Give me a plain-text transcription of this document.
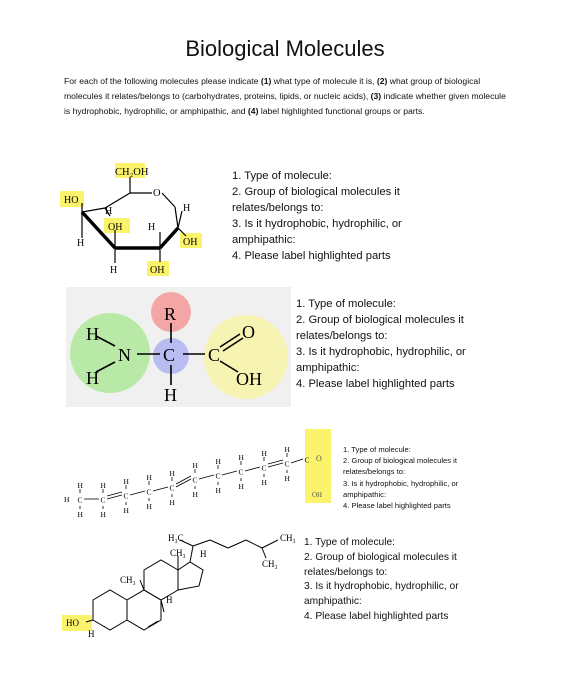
Biological Molecules
For each of the following molecules please indicate (1) what type of molecule it is, (2) what group of biological molecules it relates/belongs to (carbohydrates, proteins, lipids, or nucleic acids), (3) indicate whether given molecule is hydrophobic, hydrophilic, or amphipathic, and (4) label highlighted functional groups or parts.
CH₂OH
O
H
HO
H
OH	H
H	OH
H	OH
1. Type of molecule:
2. Group of biological molecules it
relates/belongs to:
3. Is it hydrophobic, hydrophilic, or
amphipathic:
4. Please label highlighted parts
R
H
H
N C C
O
OH
H
1. Type of molecule:
2. Group of biological molecules it
relates/belongs to:
3. Is it hydrophobic, hydrophilic, or
amphipathic:
4. Please label highlighted parts
H C
H
H
C
H
H
C
H
H
C
H
H
C
H
H
C
H
H
C
H
H
C
H
H
C
H
H
C
H
H
C O
OH
1. Type of molecule:
2. Group of biological molecules it
relates/belongs to:
3. Is it hydrophobic, hydrophilic, or
amphipathic:
4. Please label highlighted parts
H₃C
CH₃ H
CH₃
CH₃
CH₃
H
HO
H
1. Type of molecule:
2. Group of biological molecules it
relates/belongs to:
3. Is it hydrophobic, hydrophilic, or
amphipathic:
4. Please label highlighted parts
